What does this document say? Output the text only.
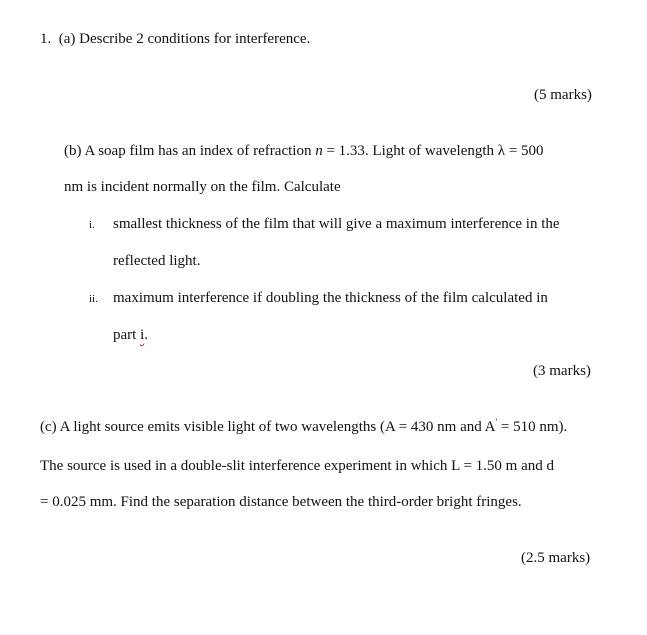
1. (a) Describe 2 conditions for interference.
(5 marks)
(b) A soap film has an index of refraction n = 1.33. Light of wavelength λ = 500
nm is incident normally on the film. Calculate
i. smallest thickness of the film that will give a maximum interference in the
reflected light.
ii. maximum interference if doubling the thickness of the film calculated in
part i.
(3 marks)
(c) A light source emits visible light of two wavelengths (A = 430 nm and A' = 510 nm).
The source is used in a double-slit interference experiment in which L = 1.50 m and d
= 0.025 mm. Find the separation distance between the third-order bright fringes.
(2.5 marks)
